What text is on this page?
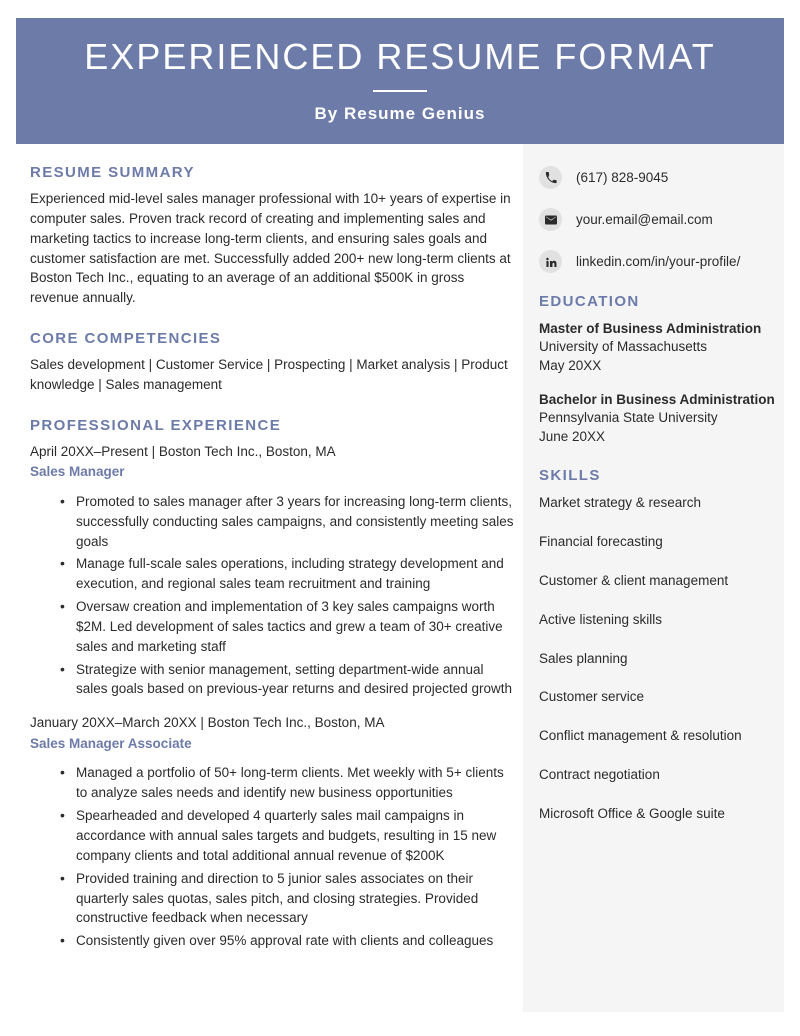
EXPERIENCED RESUME FORMAT
By Resume Genius
RESUME SUMMARY

Experienced mid-level sales manager professional with 10+ years of expertise in computer sales. Proven track record of creating and implementing sales and marketing tactics to increase long-term clients, and ensuring sales goals and customer satisfaction are met. Successfully added 200+ new long-term clients at Boston Tech Inc., equating to an average of an additional $500K in gross revenue annually.

CORE COMPETENCIES

Sales development | Customer Service | Prospecting | Market analysis | Product knowledge | Sales management

PROFESSIONAL EXPERIENCE

April 20XX–Present | Boston Tech Inc., Boston, MA

Sales Manager

• Promoted to sales manager after 3 years for increasing long-term clients, successfully conducting sales campaigns, and consistently meeting sales goals
• Manage full-scale sales operations, including strategy development and execution, and regional sales team recruitment and training
• Oversaw creation and implementation of 3 key sales campaigns worth $2M. Led development of sales tactics and grew a team of 30+ creative sales and marketing staff
• Strategize with senior management, setting department-wide annual sales goals based on previous-year returns and desired projected growth

January 20XX–March 20XX | Boston Tech Inc., Boston, MA

Sales Manager Associate

• Managed a portfolio of 50+ long-term clients. Met weekly with 5+ clients to analyze sales needs and identify new business opportunities
• Spearheaded and developed 4 quarterly sales mail campaigns in accordance with annual sales targets and budgets, resulting in 15 new company clients and total additional annual revenue of $200K
• Provided training and direction to 5 junior sales associates on their quarterly sales quotas, sales pitch, and closing strategies. Provided constructive feedback when necessary
• Consistently given over 95% approval rate with clients and colleagues
(617) 828-9045
your.email@email.com
linkedin.com/in/your-profile/
EDUCATION

Master of Business Administration

University of Massachusetts

May 20XX

Bachelor in Business Administration

Pennsylvania State University

June 20XX

SKILLS
Market strategy & research
Financial forecasting
Customer & client management
Active listening skills
Sales planning
Customer service
Conflict management & resolution
Contract negotiation
Microsoft Office & Google suite
